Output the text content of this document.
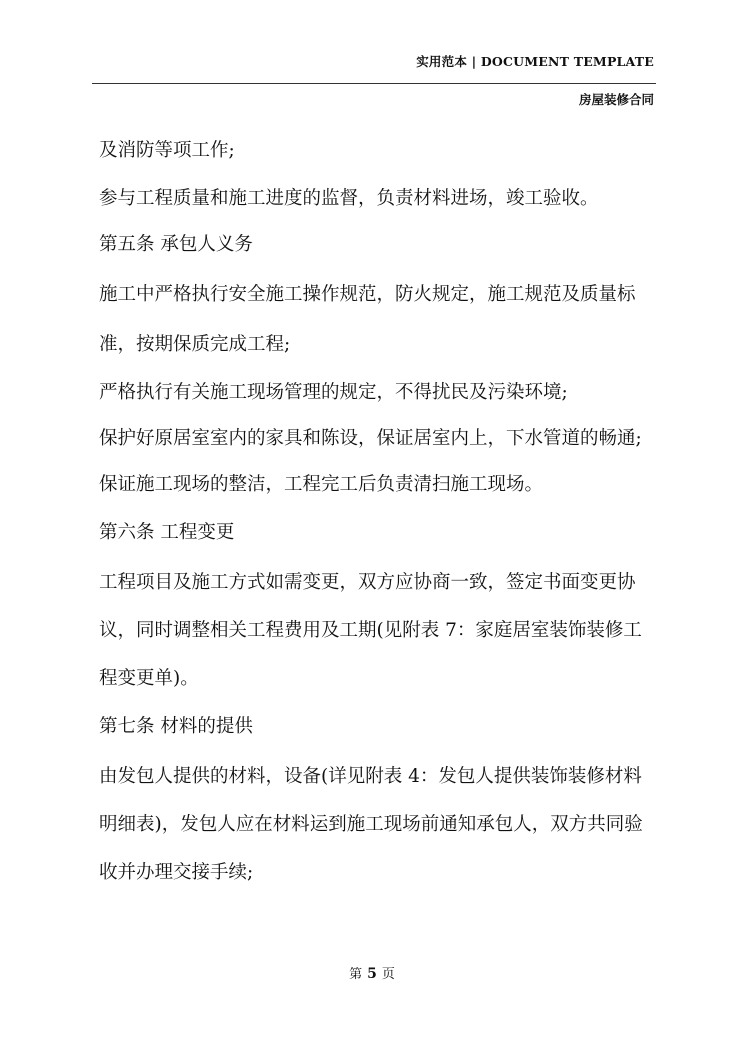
实用范本 | DOCUMENT TEMPLATE
房屋装修合同
及消防等项工作;
参与工程质量和施工进度的监督，负责材料进场，竣工验收。
第五条 承包人义务
施工中严格执行安全施工操作规范，防火规定，施工规范及质量标
准，按期保质完成工程;
严格执行有关施工现场管理的规定，不得扰民及污染环境;
保护好原居室室内的家具和陈设，保证居室内上，下水管道的畅通;
保证施工现场的整洁，工程完工后负责清扫施工现场。
第六条 工程变更
工程项目及施工方式如需变更，双方应协商一致，签定书面变更协
议，同时调整相关工程费用及工期(见附表 7：家庭居室装饰装修工
程变更单)。
第七条 材料的提供
由发包人提供的材料，设备(详见附表 4：发包人提供装饰装修材料
明细表)，发包人应在材料运到施工现场前通知承包人，双方共同验
收并办理交接手续;
第 5 页
